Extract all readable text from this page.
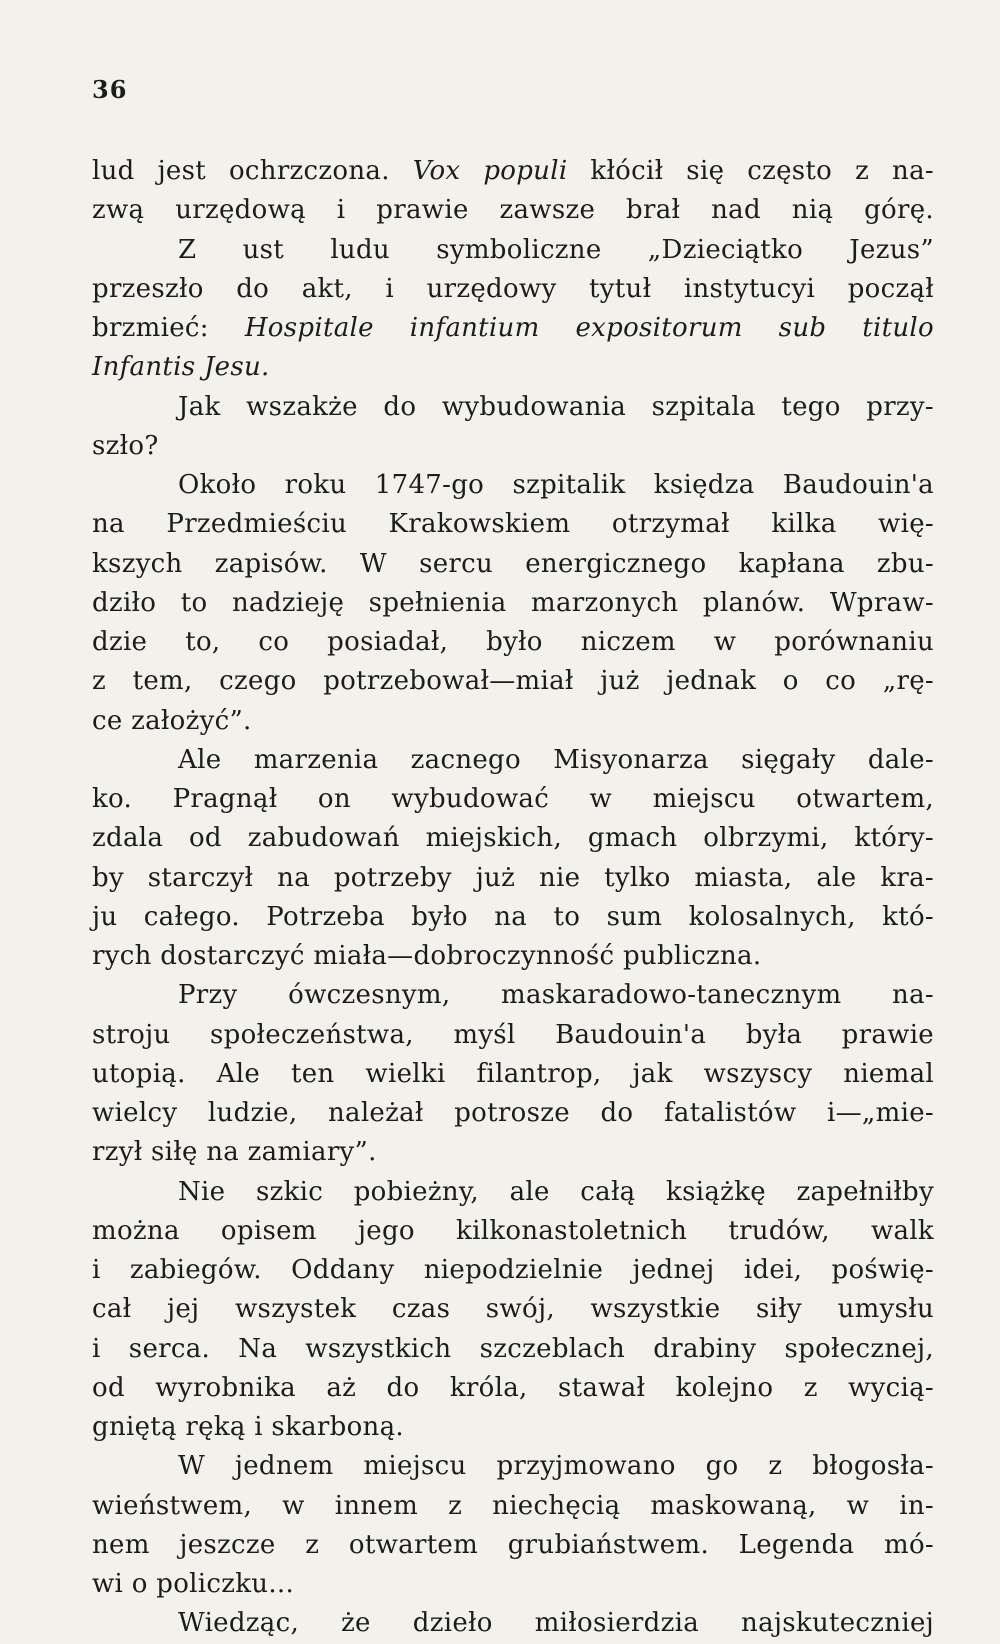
36
lud jest ochrzczona. Vox populi kłócił się często z na-
zwą urzędową i prawie zawsze brał nad nią górę.
Z ust ludu symboliczne „Dzieciątko Jezus”
przeszło do akt, i urzędowy tytuł instytucyi począł
brzmieć: Hospitale infantium expositorum sub titulo
Infantis Jesu.
Jak wszakże do wybudowania szpitala tego przy-
szło?
Około roku 1747-go szpitalik księdza Baudouin'a
na Przedmieściu Krakowskiem otrzymał kilka wię-
kszych zapisów. W sercu energicznego kapłana zbu-
dziło to nadzieję spełnienia marzonych planów. Wpraw-
dzie to, co posiadał, było niczem w porównaniu
z tem, czego potrzebował—miał już jednak o co „rę-
ce założyć”.
Ale marzenia zacnego Misyonarza sięgały dale-
ko. Pragnął on wybudować w miejscu otwartem,
zdala od zabudowań miejskich, gmach olbrzymi, który-
by starczył na potrzeby już nie tylko miasta, ale kra-
ju całego. Potrzeba było na to sum kolosalnych, któ-
rych dostarczyć miała—dobroczynność publiczna.
Przy ówczesnym, maskaradowo-tanecznym na-
stroju społeczeństwa, myśl Baudouin'a była prawie
utopią. Ale ten wielki filantrop, jak wszyscy niemal
wielcy ludzie, należał potrosze do fatalistów i—„mie-
rzył siłę na zamiary”.
Nie szkic pobieżny, ale całą książkę zapełniłby
można opisem jego kilkonastoletnich trudów, walk
i zabiegów. Oddany niepodzielnie jednej idei, poświę-
cał jej wszystek czas swój, wszystkie siły umysłu
i serca. Na wszystkich szczeblach drabiny społecznej,
od wyrobnika aż do króla, stawał kolejno z wycią-
gniętą ręką i skarboną.
W jednem miejscu przyjmowano go z błogosła-
wieństwem, w innem z niechęcią maskowaną, w in-
nem jeszcze z otwartem grubiaństwem. Legenda mó-
wi o policzku...
Wiedząc, że dzieło miłosierdzia najskuteczniej
